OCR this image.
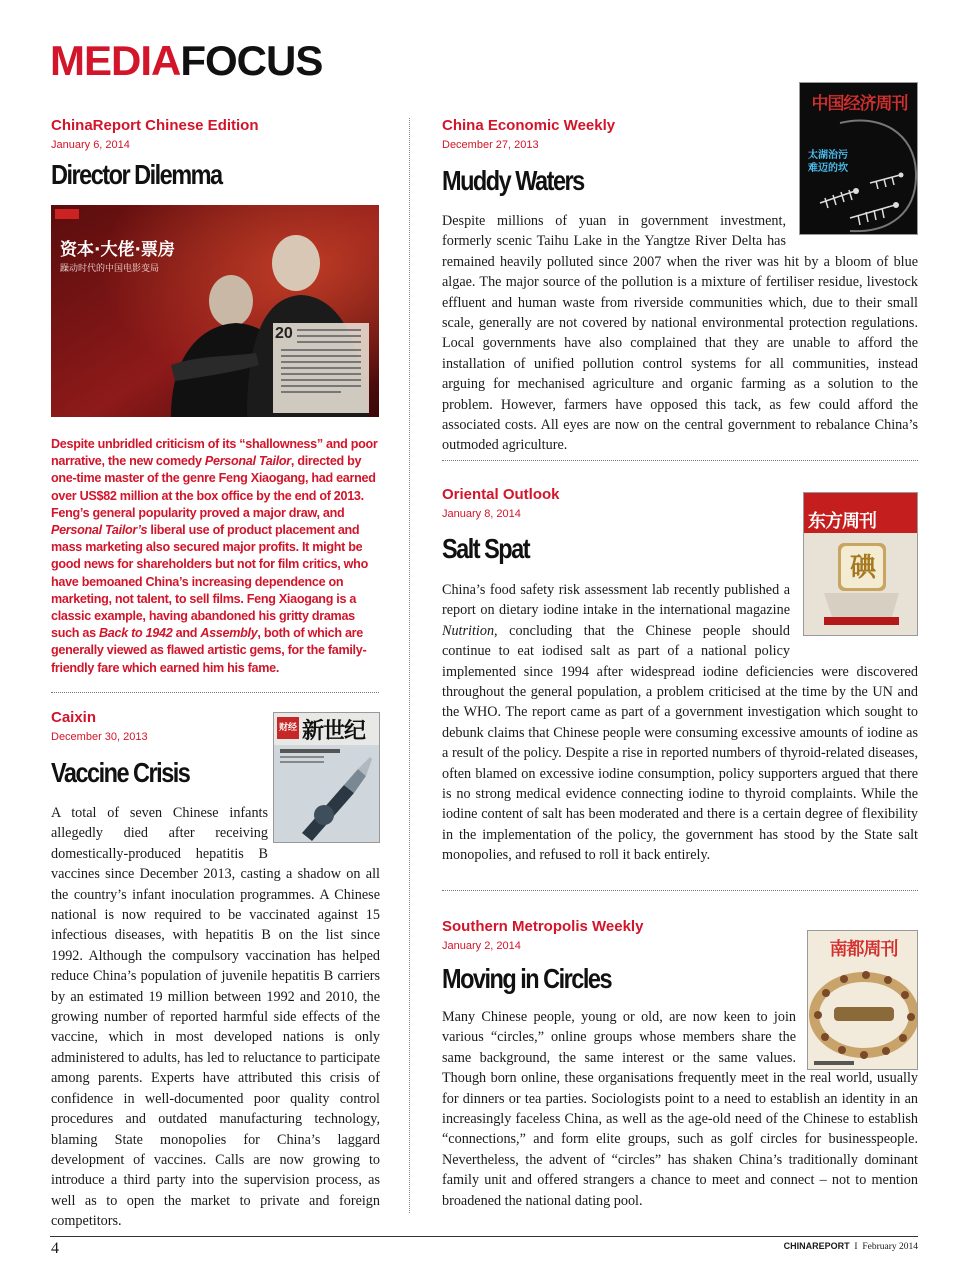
MEDIAFOCUS
ChinaReport Chinese Edition
January 6, 2014
Director Dilemma
资本·大佬·票房
躁动时代的中国电影变局
20
Despite unbridled criticism of its “shallowness” and poor narrative, the new comedy Personal Tailor, directed by one-time master of the genre Feng Xiaogang, had earned over US$82 million at the box office by the end of 2013. Feng’s general popularity proved a major draw, and Personal Tailor’s liberal use of product placement and mass marketing also secured major profits. It might be good news for shareholders but not for film critics, who have bemoaned China’s increasing dependence on marketing, not talent, to sell films. Feng Xiaogang is a classic example, having abandoned his gritty dramas such as Back to 1942 and Assembly, both of which are generally viewed as flawed artistic gems, for the family-friendly fare which earned him his fame.
Caixin
December 30, 2013
Vaccine Crisis
财经 新世纪
A total of seven Chinese infants allegedly died after receiving domestically-produced hepatitis B vaccines since December 2013, casting a shadow on all the country’s infant inoculation programmes. A Chinese national is now required to be vaccinated against 15 infectious diseases, with hepatitis B on the list since 1992. Although the compulsory vaccination has helped reduce China’s population of juvenile hepatitis B carriers by an estimated 19 million between 1992 and 2010, the growing number of reported harmful side effects of the vaccine, which in most developed nations is only administered to adults, has led to reluctance to participate among parents. Experts have attributed this crisis of confidence in well-documented poor quality control procedures and outdated manufacturing technology, blaming State monopolies for China’s laggard development of vaccines. Calls are now growing to introduce a third party into the supervision process, as well as to open the market to private and foreign competitors.
China Economic Weekly
December 27, 2013
Muddy Waters
中国经济周刊
太湖治污 难迈的坎
Despite millions of yuan in government investment, formerly scenic Taihu Lake in the Yangtze River Delta has remained heavily polluted since 2007 when the river was hit by a bloom of blue algae. The major source of the pollution is a mixture of fertiliser residue, livestock effluent and human waste from riverside communities which, due to their small scale, generally are not covered by national environmental protection regulations. Local governments have also complained that they are unable to afford the installation of unified pollution control systems for all communities, instead arguing for mechanised agriculture and organic farming as a solution to the problem. However, farmers have opposed this tack, as few could afford the associated costs. All eyes are now on the central government to rebalance China’s outmoded agriculture.
Oriental Outlook
January 8, 2014
Salt Spat
东方周刊
碘
China’s food safety risk assessment lab recently published a report on dietary iodine intake in the international magazine Nutrition, concluding that the Chinese people should continue to eat iodised salt as part of a national policy implemented since 1994 after widespread iodine deficiencies were discovered throughout the general population, a problem criticised at the time by the UN and the WHO. The report came as part of a government investigation which sought to debunk claims that Chinese people were consuming excessive amounts of iodine as a result of the policy. Despite a rise in reported numbers of thyroid-related diseases, often blamed on excessive iodine consumption, policy supporters argued that there is no strong medical evidence connecting iodine to thyroid complaints. While the iodine content of salt has been moderated and there is a certain degree of flexibility in the implementation of the policy, the government has stood by the State salt monopolies, and refused to roll it back entirely.
Southern Metropolis Weekly
January 2, 2014
Moving in Circles
南都周刊
Many Chinese people, young or old, are now keen to join various “circles,” online groups whose members share the same background, the same interest or the same values. Though born online, these organisations frequently meet in the real world, usually for dinners or tea parties. Sociologists point to a need to establish an identity in an increasingly faceless China, as well as the age-old need of the Chinese to establish “connections,” and form elite groups, such as golf circles for businesspeople. Nevertheless, the advent of “circles” has shaken China’s traditionally dominant family unit and offered strangers a chance to meet and connect – not to mention broadened the national dating pool.
4	CHINAREPORT I February 2014
